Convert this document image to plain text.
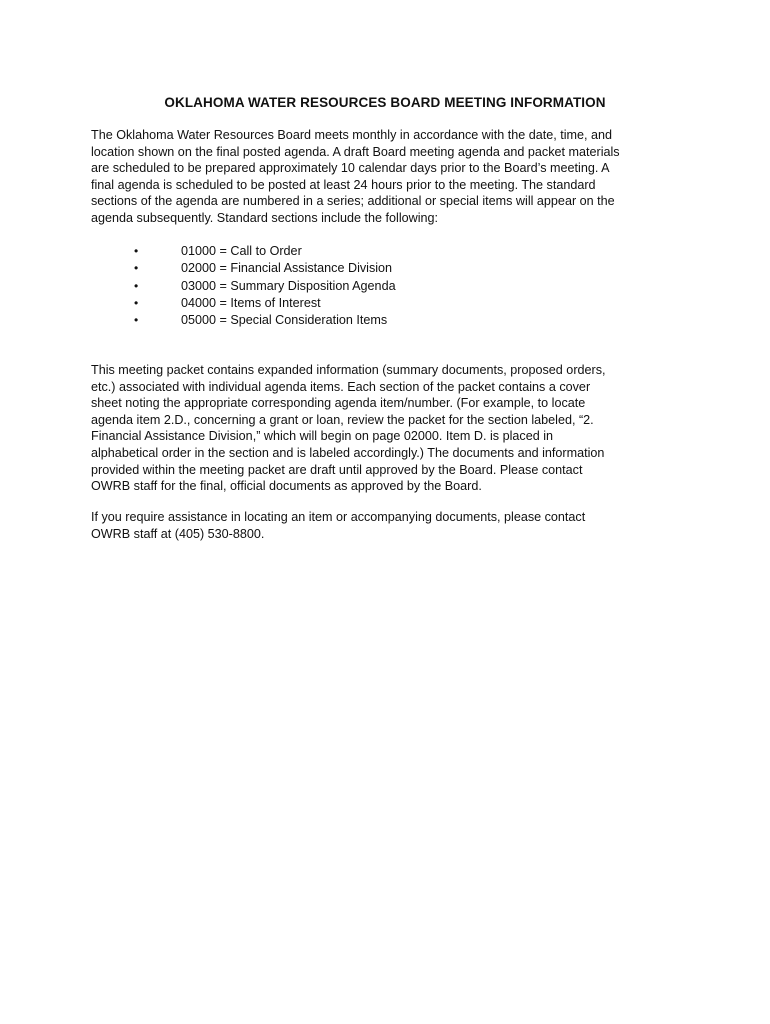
OKLAHOMA WATER RESOURCES BOARD MEETING INFORMATION

The Oklahoma Water Resources Board meets monthly in accordance with the date, time, and
location shown on the final posted agenda. A draft Board meeting agenda and packet materials
are scheduled to be prepared approximately 10 calendar days prior to the Board’s meeting. A
final agenda is scheduled to be posted at least 24 hours prior to the meeting. The standard
sections of the agenda are numbered in a series; additional or special items will appear on the
agenda subsequently. Standard sections include the following:

•	01000 = Call to Order
•	02000 = Financial Assistance Division
•	03000 = Summary Disposition Agenda
•	04000 = Items of Interest
•	05000 = Special Consideration Items

This meeting packet contains expanded information (summary documents, proposed orders,
etc.) associated with individual agenda items. Each section of the packet contains a cover
sheet noting the appropriate corresponding agenda item/number. (For example, to locate
agenda item 2.D., concerning a grant or loan, review the packet for the section labeled, “2.
Financial Assistance Division,” which will begin on page 02000. Item D. is placed in
alphabetical order in the section and is labeled accordingly.) The documents and information
provided within the meeting packet are draft until approved by the Board. Please contact
OWRB staff for the final, official documents as approved by the Board.

If you require assistance in locating an item or accompanying documents, please contact
OWRB staff at (405) 530-8800.
